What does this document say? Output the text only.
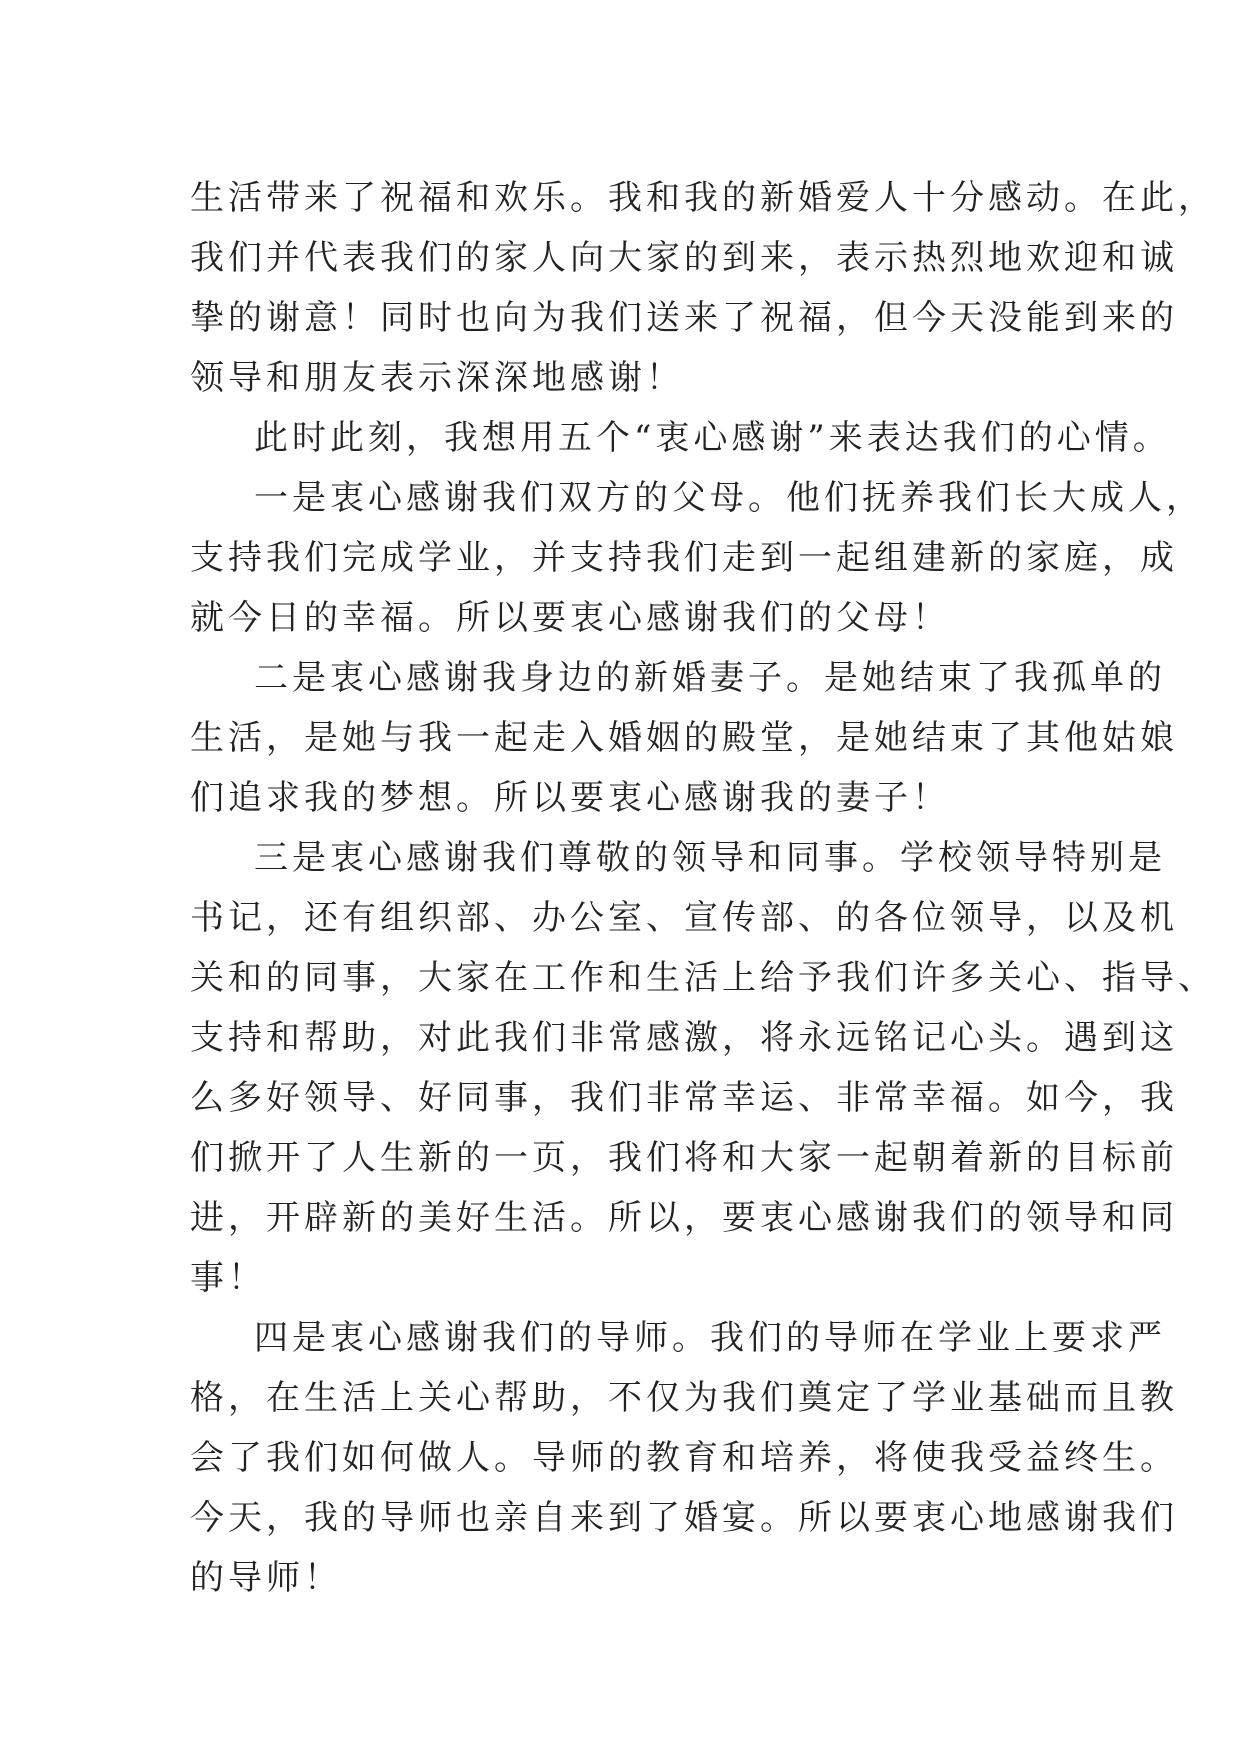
生活带来了祝福和欢乐。我和我的新婚爱人十分感动。在此，
我们并代表我们的家人向大家的到来，表示热烈地欢迎和诚
挚的谢意！同时也向为我们送来了祝福，但今天没能到来的
领导和朋友表示深深地感谢！
此时此刻，我想用五个“衷心感谢”来表达我们的心情。
一是衷心感谢我们双方的父母。他们抚养我们长大成人，
支持我们完成学业，并支持我们走到一起组建新的家庭，成
就今日的幸福。所以要衷心感谢我们的父母！
二是衷心感谢我身边的新婚妻子。是她结束了我孤单的
生活，是她与我一起走入婚姻的殿堂，是她结束了其他姑娘
们追求我的梦想。所以要衷心感谢我的妻子！
三是衷心感谢我们尊敬的领导和同事。学校领导特别是
书记，还有组织部、办公室、宣传部、的各位领导，以及机
关和的同事，大家在工作和生活上给予我们许多关心、指导、
支持和帮助，对此我们非常感激，将永远铭记心头。遇到这
么多好领导、好同事，我们非常幸运、非常幸福。如今，我
们掀开了人生新的一页，我们将和大家一起朝着新的目标前
进，开辟新的美好生活。所以，要衷心感谢我们的领导和同
事！
四是衷心感谢我们的导师。我们的导师在学业上要求严
格，在生活上关心帮助，不仅为我们奠定了学业基础而且教
会了我们如何做人。导师的教育和培养，将使我受益终生。
今天，我的导师也亲自来到了婚宴。所以要衷心地感谢我们
的导师！
